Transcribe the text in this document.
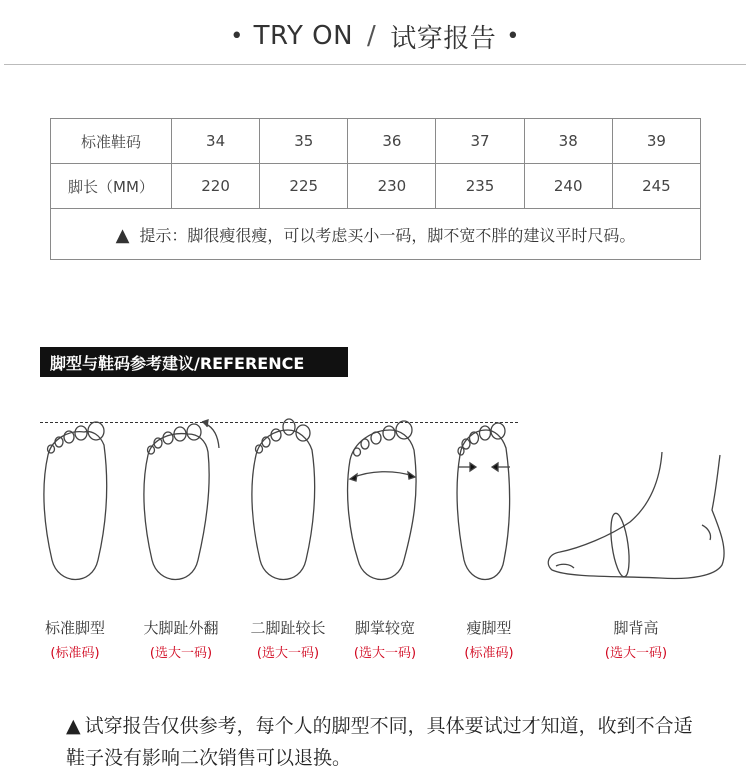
• TRY ON / 试穿报告 •
标准鞋码	34	35	36	37	38	39
脚长（MM）	220	225	230	235	240	245
▲ 提示：脚很瘦很瘦，可以考虑买小一码，脚不宽不胖的建议平时尺码。						
脚型与鞋码参考建议/REFERENCE
标准脚型
(标准码)
大脚趾外翻
(选大一码)
二脚趾较长
(选大一码)
脚掌较宽
(选大一码)
瘦脚型
(标准码)
脚背高
(选大一码)
▲ 试穿报告仅供参考，每个人的脚型不同，具体要试过才知道，收到不合适鞋子没有影响二次销售可以退换。
